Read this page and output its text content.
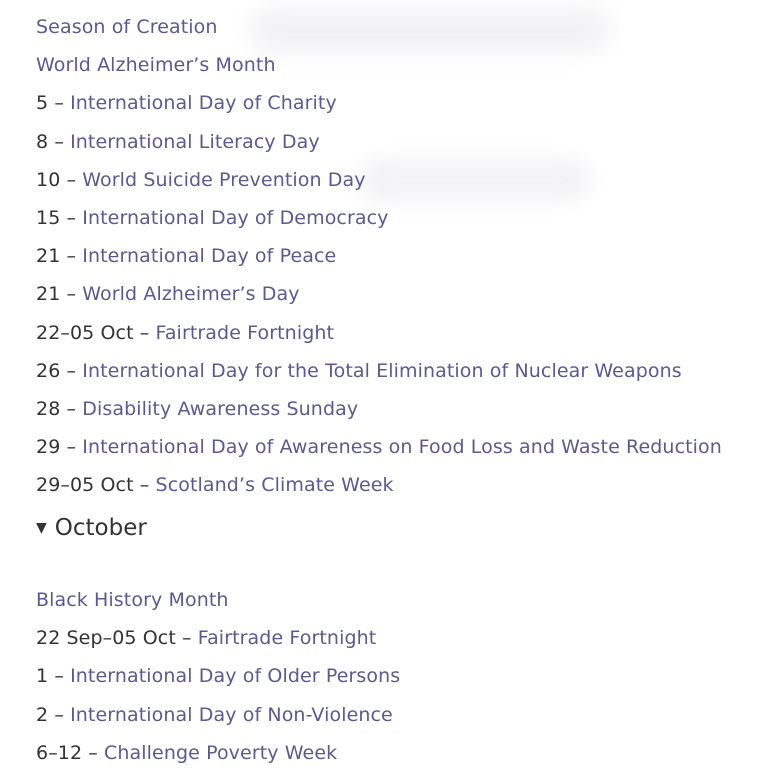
Season of Creation
World Alzheimer’s Month
5 – International Day of Charity
8 – International Literacy Day
10 – World Suicide Prevention Day
15 – International Day of Democracy
21 – International Day of Peace
21 – World Alzheimer’s Day
22–05 Oct – Fairtrade Fortnight
26 – International Day for the Total Elimination of Nuclear Weapons
28 – Disability Awareness Sunday
29 – International Day of Awareness on Food Loss and Waste Reduction
29–05 Oct – Scotland’s Climate Week
▼ October
Black History Month
22 Sep–05 Oct – Fairtrade Fortnight
1 – International Day of Older Persons
2 – International Day of Non-Violence
6–12 – Challenge Poverty Week
